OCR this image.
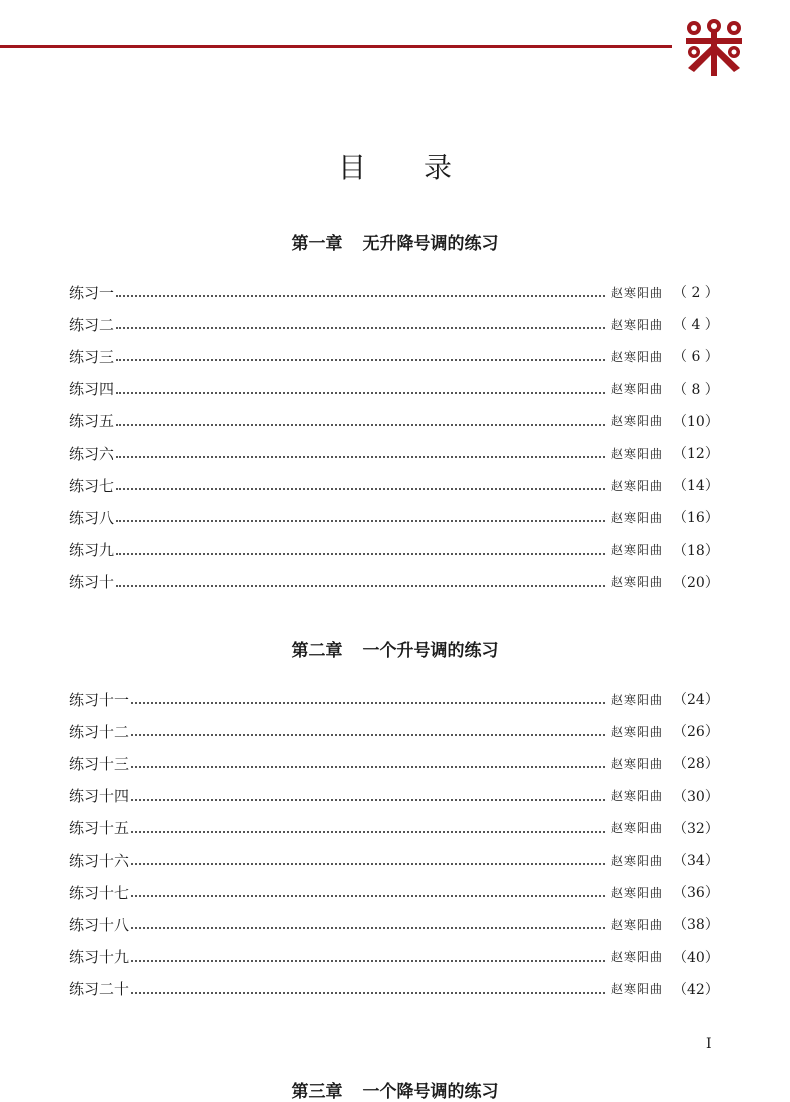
目 录
第一章 无升降号调的练习
练习一	赵寒阳曲 （ 2 ）
练习二	赵寒阳曲 （ 4 ）
练习三	赵寒阳曲 （ 6 ）
练习四	赵寒阳曲 （ 8 ）
练习五	赵寒阳曲 （10）
练习六	赵寒阳曲 （12）
练习七	赵寒阳曲 （14）
练习八	赵寒阳曲 （16）
练习九	赵寒阳曲 （18）
练习十	赵寒阳曲 （20）
第二章 一个升号调的练习
练习十一	赵寒阳曲 （24）
练习十二	赵寒阳曲 （26）
练习十三	赵寒阳曲 （28）
练习十四	赵寒阳曲 （30）
练习十五	赵寒阳曲 （32）
练习十六	赵寒阳曲 （34）
练习十七	赵寒阳曲 （36）
练习十八	赵寒阳曲 （38）
练习十九	赵寒阳曲 （40）
练习二十	赵寒阳曲 （42）
第三章 一个降号调的练习
I
